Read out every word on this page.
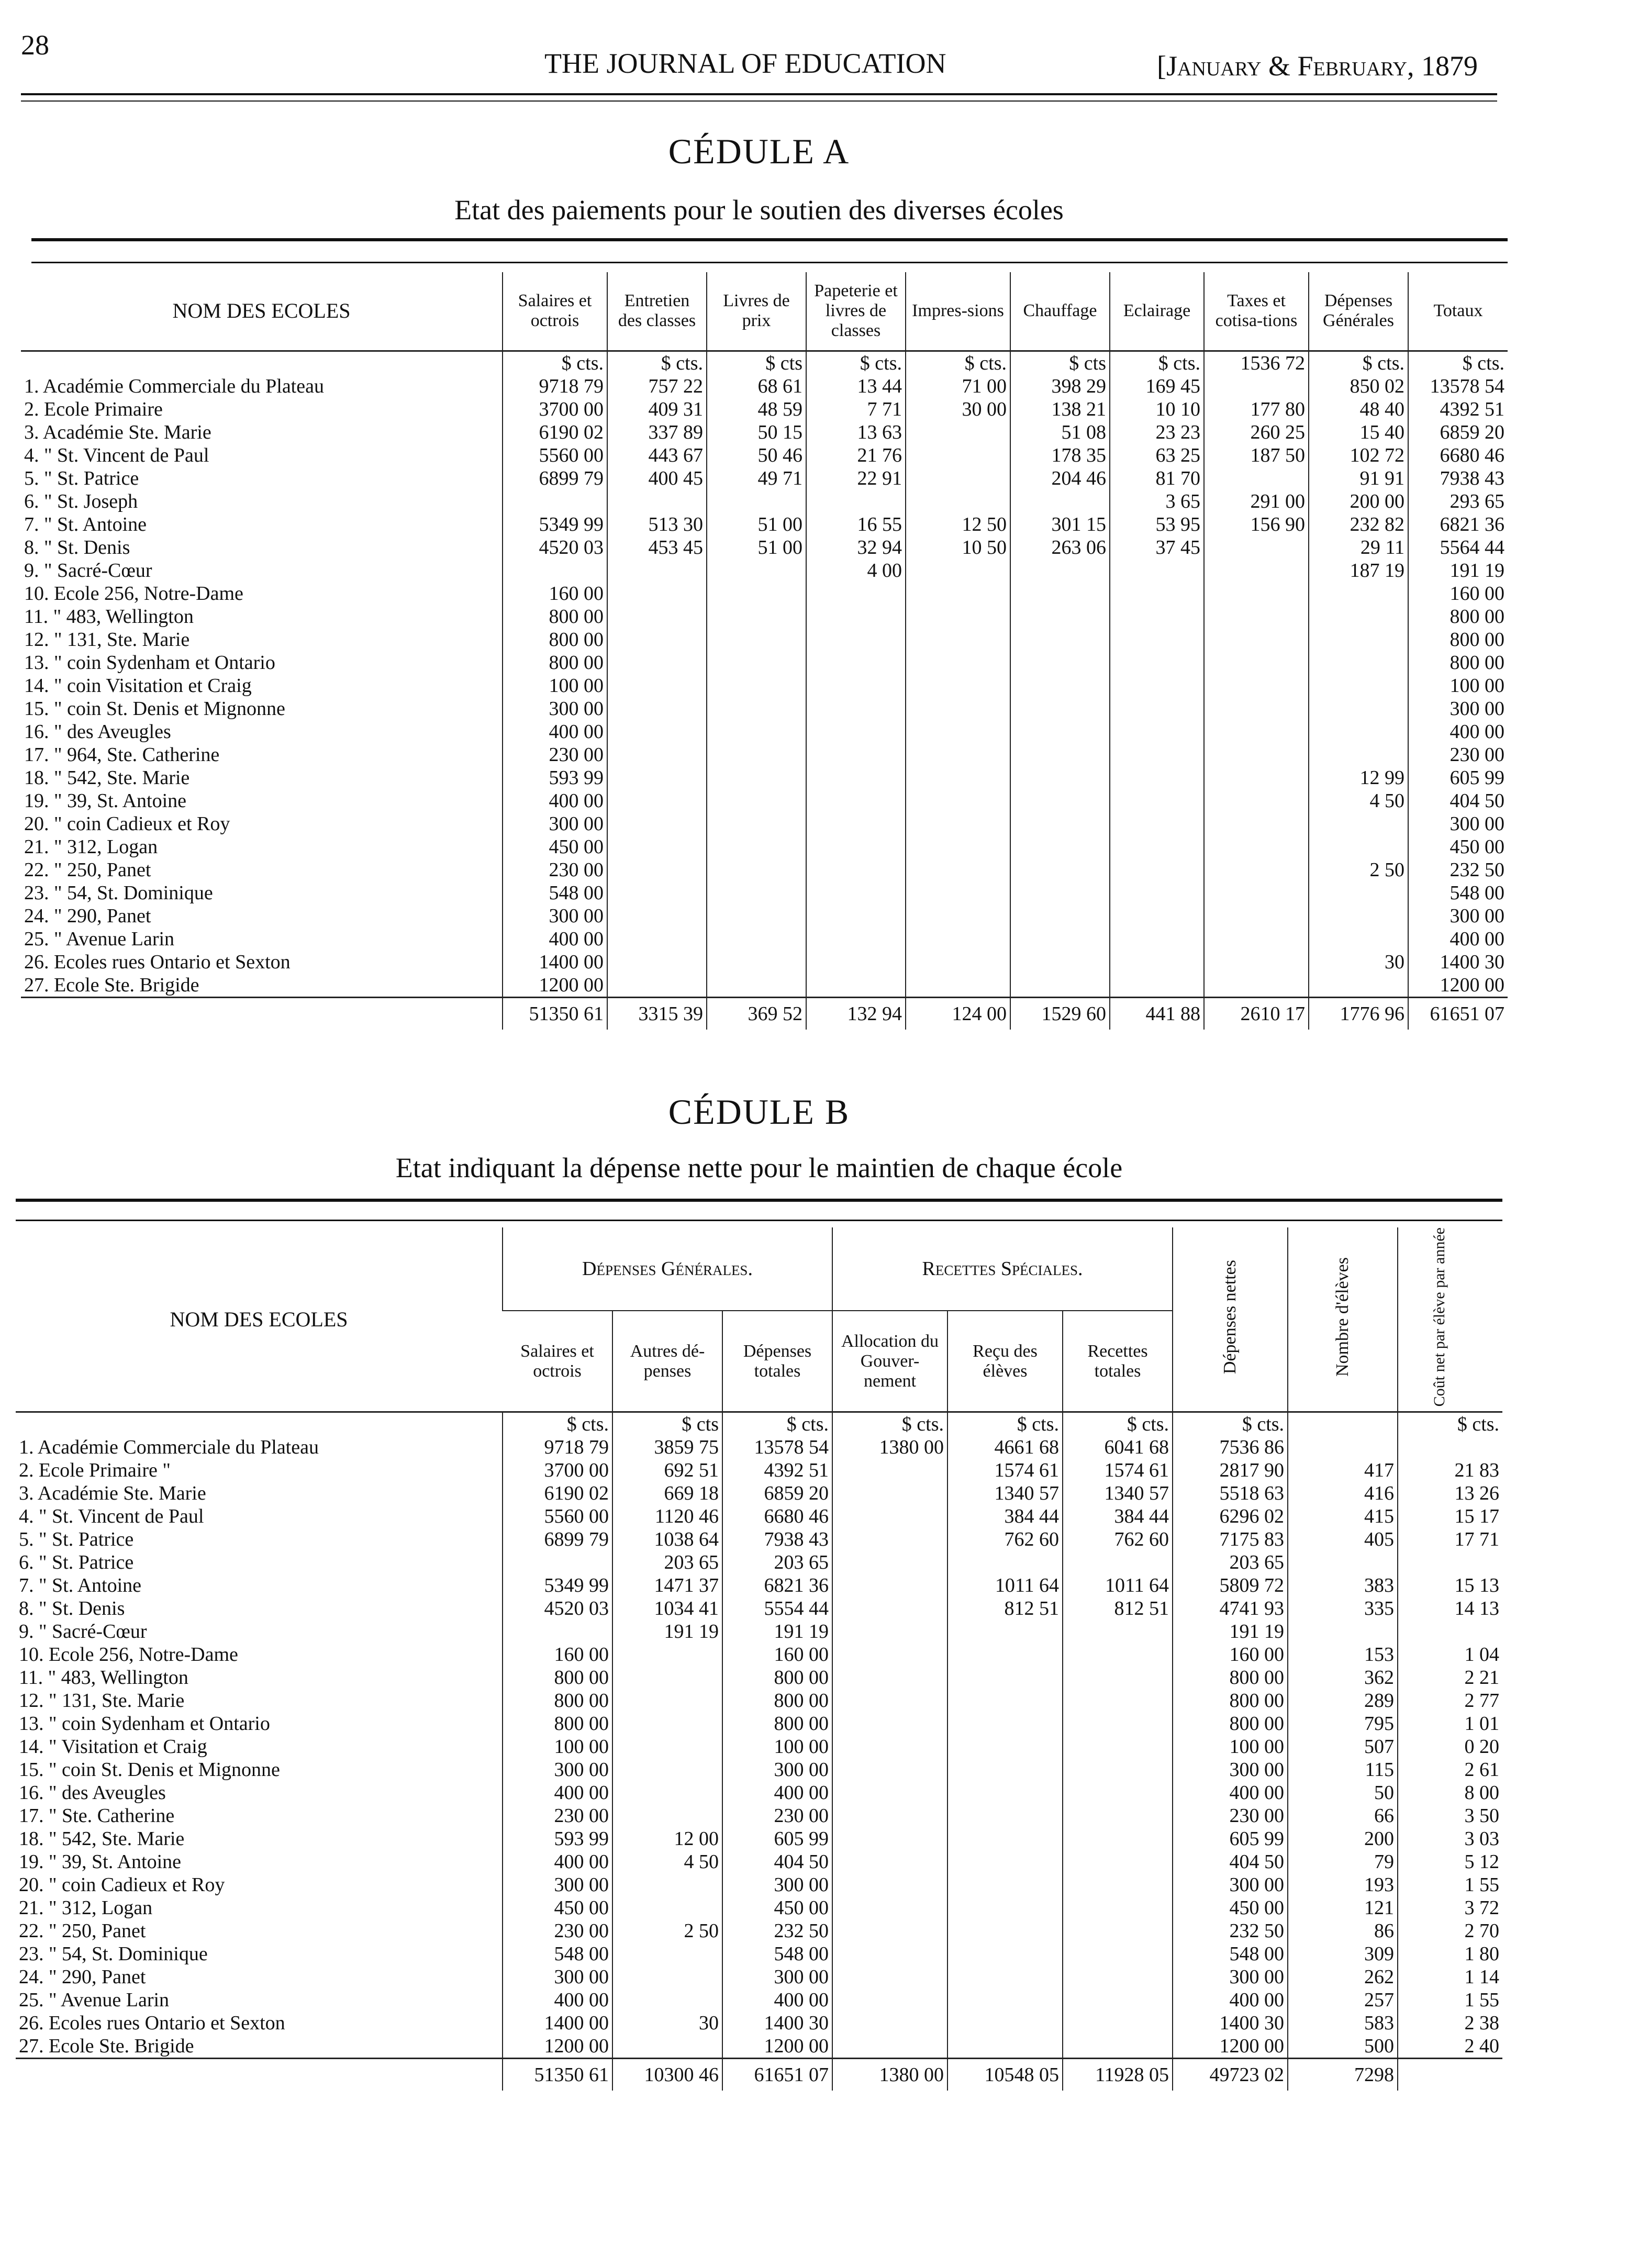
28
THE JOURNAL OF EDUCATION	[January & February, 1879
CÉDULE A
Etat des paiements pour le soutien des diverses écoles
NOM DES ECOLES	Salaires et octrois	Entretien des classes	Livres de prix	Papeterie et livres de classes	Impres-sions	Chauffage	Eclairage	Taxes et cotisa-tions	Dépenses Générales	Totaux
	$ cts.	$ cts.	$ cts	$ cts.	$ cts.	$ cts	$ cts.	1536 72	$ cts.	$ cts.
1. Académie Commerciale du Plateau	9718 79	757 22	68 61	13 44	71 00	398 29	169 45		850 02	13578 54
2. Ecole Primaire	3700 00	409 31	48 59	7 71	30 00	138 21	10 10	177 80	48 40	4392 51
3. Académie Ste. Marie	6190 02	337 89	50 15	13 63		51 08	23 23	260 25	15 40	6859 20
4. " St. Vincent de Paul	5560 00	443 67	50 46	21 76		178 35	63 25	187 50	102 72	6680 46
5. " St. Patrice	6899 79	400 45	49 71	22 91		204 46	81 70		91 91	7938 43
6. " St. Joseph							3 65	291 00	200 00	293 65
7. " St. Antoine	5349 99	513 30	51 00	16 55	12 50	301 15	53 95	156 90	232 82	6821 36
8. " St. Denis	4520 03	453 45	51 00	32 94	10 50	263 06	37 45		29 11	5564 44
9. " Sacré-Cœur				4 00					187 19	191 19
10. Ecole 256, Notre-Dame	160 00									160 00
11. " 483, Wellington	800 00									800 00
12. " 131, Ste. Marie	800 00									800 00
13. " coin Sydenham et Ontario	800 00									800 00
14. " coin Visitation et Craig	100 00									100 00
15. " coin St. Denis et Mignonne	300 00									300 00
16. " des Aveugles	400 00									400 00
17. " 964, Ste. Catherine	230 00									230 00
18. " 542, Ste. Marie	593 99								12 99	605 99
19. " 39, St. Antoine	400 00								4 50	404 50
20. " coin Cadieux et Roy	300 00									300 00
21. " 312, Logan	450 00									450 00
22. " 250, Panet	230 00								2 50	232 50
23. " 54, St. Dominique	548 00									548 00
24. " 290, Panet	300 00									300 00
25. " Avenue Larin	400 00									400 00
26. Ecoles rues Ontario et Sexton	1400 00								30	1400 30
27. Ecole Ste. Brigide	1200 00									1200 00
	51350 61	3315 39	369 52	132 94	124 00	1529 60	441 88	2610 17	1776 96	61651 07
CÉDULE B
Etat indiquant la dépense nette pour le maintien de chaque école
NOM DES ECOLES	Dépenses Générales.			Recettes Spéciales.			Dépenses nettes	Nombre d'élèves	Coût net par élève par année
	Salaires et octrois	Autres dé-penses	Dépenses totales	Allocation du Gouver-nement	Reçu des élèves	Recettes totales			
	$ cts.	$ cts	$ cts.	$ cts.	$ cts.	$ cts.	$ cts.		$ cts.
1. Académie Commerciale du Plateau	9718 79	3859 75	13578 54	1380 00	4661 68	6041 68	7536 86		
2. Ecole Primaire "	3700 00	692 51	4392 51		1574 61	1574 61	2817 90	417	21 83
3. Académie Ste. Marie	6190 02	669 18	6859 20		1340 57	1340 57	5518 63	416	13 26
4. " St. Vincent de Paul	5560 00	1120 46	6680 46		384 44	384 44	6296 02	415	15 17
5. " St. Patrice	6899 79	1038 64	7938 43		762 60	762 60	7175 83	405	17 71
6. " St. Patrice		203 65	203 65				203 65		
7. " St. Antoine	5349 99	1471 37	6821 36		1011 64	1011 64	5809 72	383	15 13
8. " St. Denis	4520 03	1034 41	5554 44		812 51	812 51	4741 93	335	14 13
9. " Sacré-Cœur		191 19	191 19				191 19		
10. Ecole 256, Notre-Dame	160 00		160 00				160 00	153	1 04
11. " 483, Wellington	800 00		800 00				800 00	362	2 21
12. " 131, Ste. Marie	800 00		800 00				800 00	289	2 77
13. " coin Sydenham et Ontario	800 00		800 00				800 00	795	1 01
14. " Visitation et Craig	100 00		100 00				100 00	507	0 20
15. " coin St. Denis et Mignonne	300 00		300 00				300 00	115	2 61
16. " des Aveugles	400 00		400 00				400 00	50	8 00
17. " Ste. Catherine	230 00		230 00				230 00	66	3 50
18. " 542, Ste. Marie	593 99	12 00	605 99				605 99	200	3 03
19. " 39, St. Antoine	400 00	4 50	404 50				404 50	79	5 12
20. " coin Cadieux et Roy	300 00		300 00				300 00	193	1 55
21. " 312, Logan	450 00		450 00				450 00	121	3 72
22. " 250, Panet	230 00	2 50	232 50				232 50	86	2 70
23. " 54, St. Dominique	548 00		548 00				548 00	309	1 80
24. " 290, Panet	300 00		300 00				300 00	262	1 14
25. " Avenue Larin	400 00		400 00				400 00	257	1 55
26. Ecoles rues Ontario et Sexton	1400 00	30	1400 30				1400 30	583	2 38
27. Ecole Ste. Brigide	1200 00		1200 00				1200 00	500	2 40
	51350 61	10300 46	61651 07	1380 00	10548 05	11928 05	49723 02	7298	
